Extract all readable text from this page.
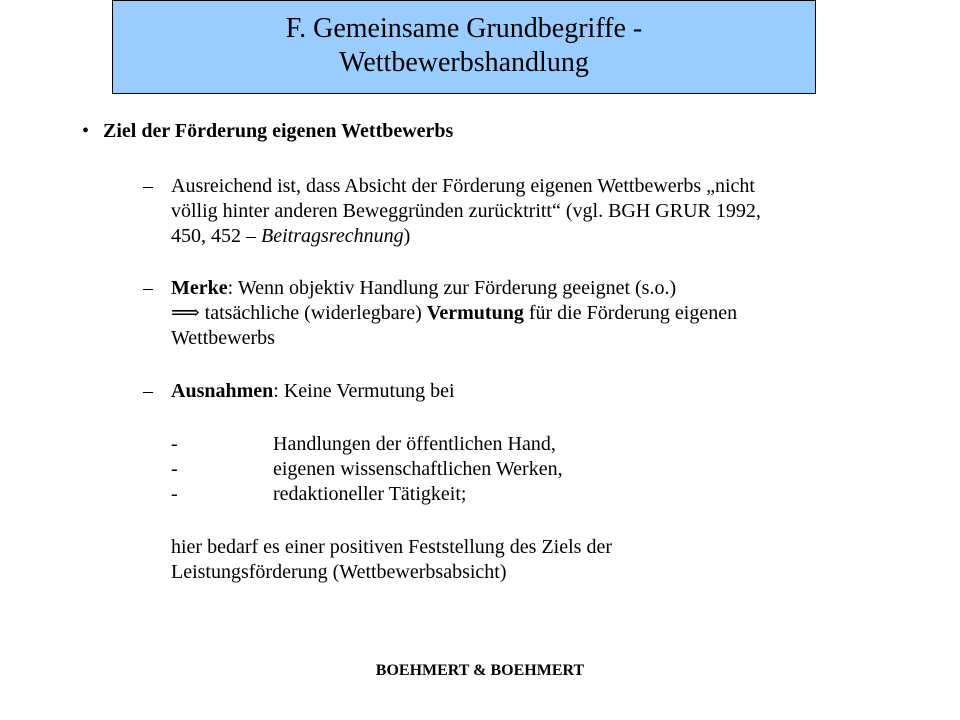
F. Gemeinsame Grundbegriffe -
Wettbewerbshandlung
• Ziel der Förderung eigenen Wettbewerbs
– Ausreichend ist, dass Absicht der Förderung eigenen Wettbewerbs „nicht
völlig hinter anderen Beweggründen zurücktritt“ (vgl. BGH GRUR 1992,
450, 452 – Beitragsrechnung)
– Merke: Wenn objektiv Handlung zur Förderung geeignet (s.o.)
⟹ tatsächliche (widerlegbare) Vermutung für die Förderung eigenen
Wettbewerbs
– Ausnahmen: Keine Vermutung bei
-	Handlungen der öffentlichen Hand,
-	eigenen wissenschaftlichen Werken,
-	redaktioneller Tätigkeit;
hier bedarf es einer positiven Feststellung des Ziels der
Leistungsförderung (Wettbewerbsabsicht)
BOEHMERT & BOEHMERT
